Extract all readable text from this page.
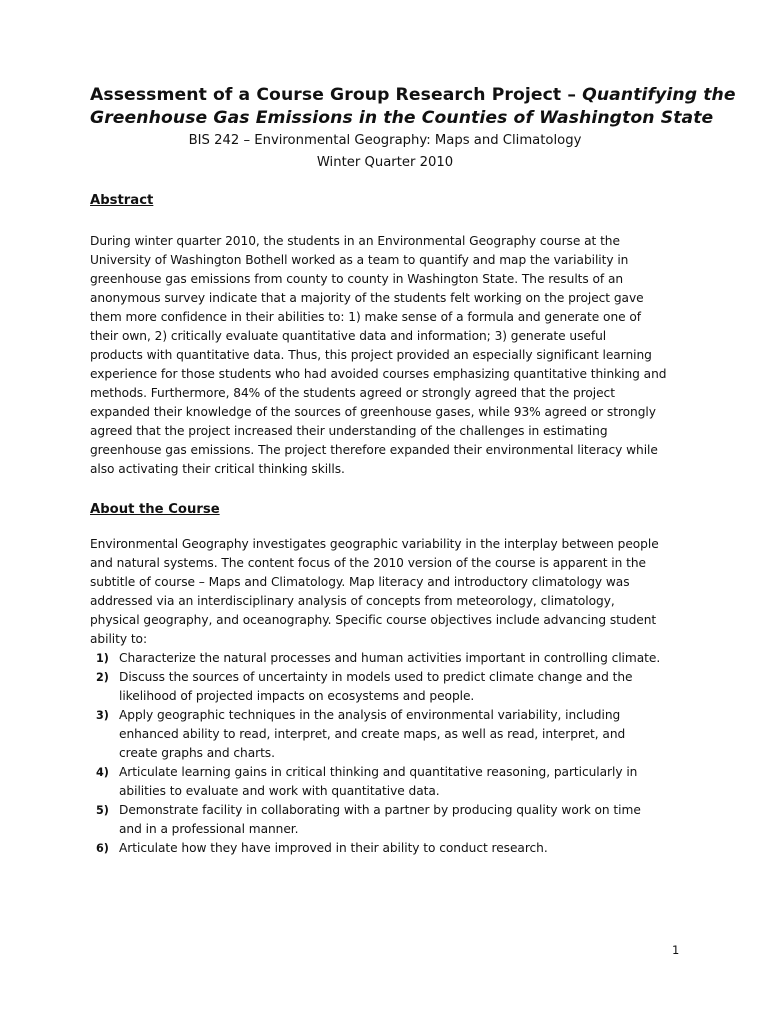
Assessment of a Course Group Research Project – Quantifying the
Greenhouse Gas Emissions in the Counties of Washington State
BIS 242 – Environmental Geography: Maps and Climatology
Winter Quarter 2010
Abstract
During winter quarter 2010, the students in an Environmental Geography course at the
University of Washington Bothell worked as a team to quantify and map the variability in
greenhouse gas emissions from county to county in Washington State. The results of an
anonymous survey indicate that a majority of the students felt working on the project gave
them more confidence in their abilities to: 1) make sense of a formula and generate one of
their own, 2) critically evaluate quantitative data and information; 3) generate useful
products with quantitative data. Thus, this project provided an especially significant learning
experience for those students who had avoided courses emphasizing quantitative thinking and
methods. Furthermore, 84% of the students agreed or strongly agreed that the project
expanded their knowledge of the sources of greenhouse gases, while 93% agreed or strongly
agreed that the project increased their understanding of the challenges in estimating
greenhouse gas emissions. The project therefore expanded their environmental literacy while
also activating their critical thinking skills.
About the Course
Environmental Geography investigates geographic variability in the interplay between people
and natural systems. The content focus of the 2010 version of the course is apparent in the
subtitle of course – Maps and Climatology. Map literacy and introductory climatology was
addressed via an interdisciplinary analysis of concepts from meteorology, climatology,
physical geography, and oceanography. Specific course objectives include advancing student
ability to:
1) Characterize the natural processes and human activities important in controlling climate.
2) Discuss the sources of uncertainty in models used to predict climate change and the
likelihood of projected impacts on ecosystems and people.
3) Apply geographic techniques in the analysis of environmental variability, including
enhanced ability to read, interpret, and create maps, as well as read, interpret, and
create graphs and charts.
4) Articulate learning gains in critical thinking and quantitative reasoning, particularly in
abilities to evaluate and work with quantitative data.
5) Demonstrate facility in collaborating with a partner by producing quality work on time
and in a professional manner.
6) Articulate how they have improved in their ability to conduct research.
1
